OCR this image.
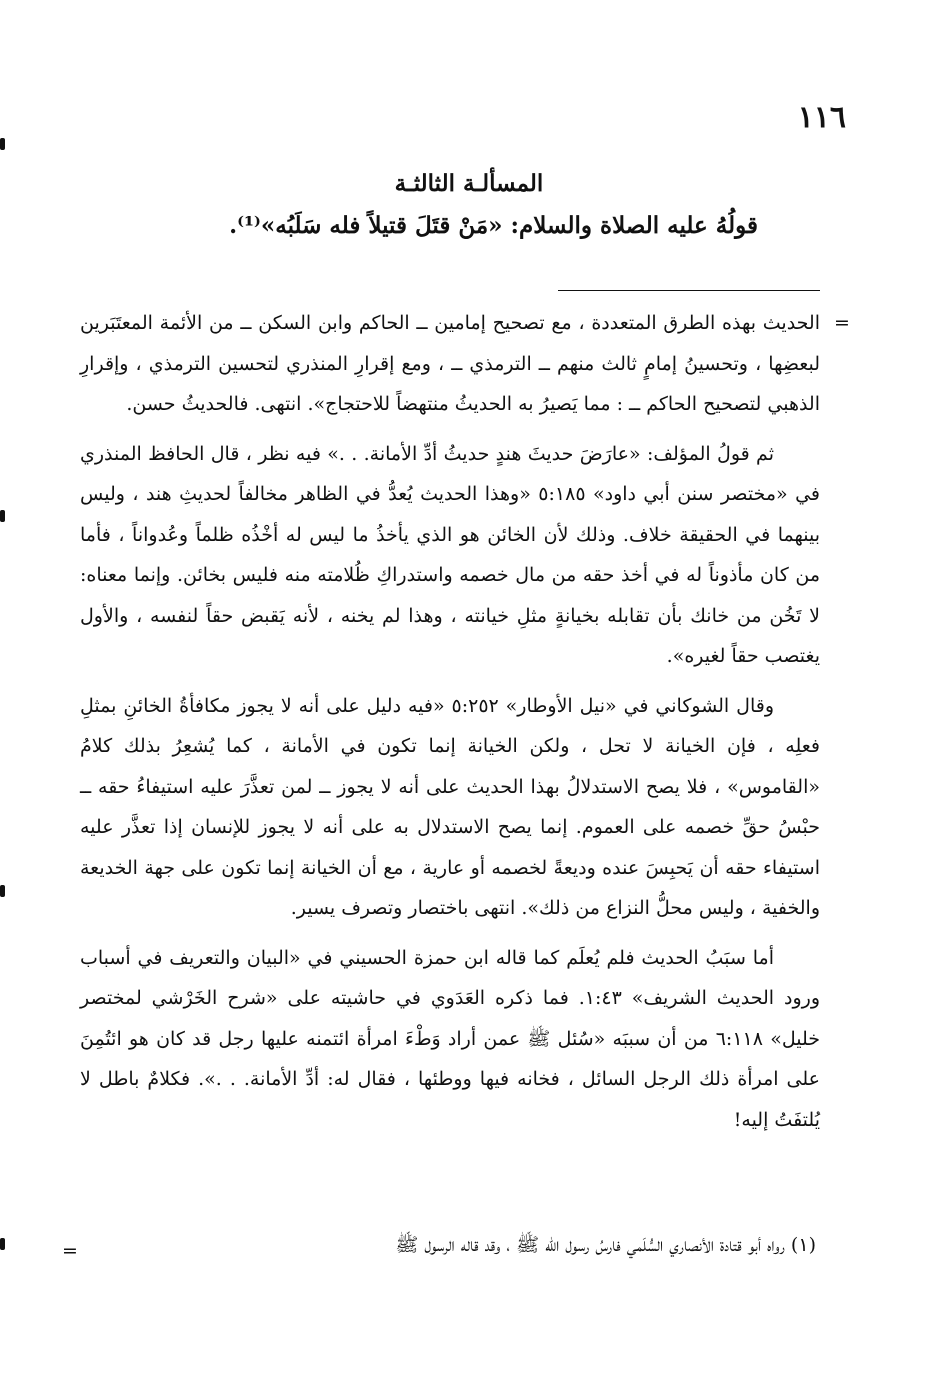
١١٦
المسألـة الثالثـة
قولُهُ عليه الصلاة والسلام: «مَنْ قتَلَ قتيلاً فله سَلَبُه»⁽¹⁾.
=

الحديث بهذه الطرق المتعددة ، مع تصحيح إمامين ــ الحاكم وابن السكن ــ من الأئمة المعتَبَرين لبعضِها ، وتحسينُ إمامٍ ثالث منهم ــ الترمذي ــ ، ومع إقرارِ المنذري لتحسين الترمذي ، وإقرارِ الذهبي لتصحيح الحاكم ــ : مما يَصيرُ به الحديثُ منتهضاً للاحتجاج». انتهى. فالحديثُ حسن.

ثم قولُ المؤلف: «عارَضَ حديثَ هندٍ حديثُ أدِّ الأمانة. . .» فيه نظر ، قال الحافظ المنذري في «مختصر سنن أبي داود» ٥:١٨٥ «وهذا الحديث يُعدُّ في الظاهر مخالفاً لحديثِ هند ، وليس بينهما في الحقيقة خلاف. وذلك لأن الخائن هو الذي يأخذُ ما ليس له أخْذُه ظلماً وعُدواناً ، فأما من كان مأذوناً له في أخذ حقه من مال خصمه واستدراكِ ظُلامته منه فليس بخائن. وإنما معناه: لا تَخُن من خانك بأن تقابله بخيانةٍ مثلِ خيانته ، وهذا لم يخنه ، لأنه يَقبض حقاً لنفسه ، والأول يغتصب حقاً لغيره».

وقال الشوكاني في «نيل الأوطار» ٥:٢٥٢ «فيه دليل على أنه لا يجوز مكافأةُ الخائنِ بمثلِ فعلِه ، فإن الخيانة لا تحل ، ولكن الخيانة إنما تكون في الأمانة ، كما يُشعِرُ بذلك كلامُ «القاموس» ، فلا يصح الاستدلالُ بهذا الحديث على أنه لا يجوز ــ لمن تعذَّرَ عليه استيفاءُ حقه ــ حبْسُ حقِّ خصمه على العموم. إنما يصح الاستدلال به على أنه لا يجوز للإنسان إذا تعذَّر عليه استيفاء حقه أن يَحبِسَ عنده وديعةً لخصمه أو عارية ، مع أن الخيانة إنما تكون على جهة الخديعة والخفية ، وليس محلُّ النزاع من ذلك». انتهى باختصار وتصرف يسير.

أما سبَبُ الحديث فلم يُعلَم كما قاله ابن حمزة الحسيني في «البيان والتعريف في أسباب ورود الحديث الشريف» ١:٤٣. فما ذكره العَدَوي في حاشيته على «شرح الخَرْشي لمختصر خليل» ٦:١١٨ من أن سببَه «سُئل ﷺ عمن أراد وَطْءَ امرأة ائتمنه عليها رجل قد كان هو ائتُمِنَ على امرأة ذلك الرجل السائل ، فخانه فيها ووطئها ، فقال له: أدِّ الأمانة. . .». فكلامٌ باطل لا يُلتفَتُ إليه!

(١) رواه أبو قتادة الأنصاري السُّلَمي فارسُ رسول الله ﷺ ، وقد قاله الرسول ﷺ
=
